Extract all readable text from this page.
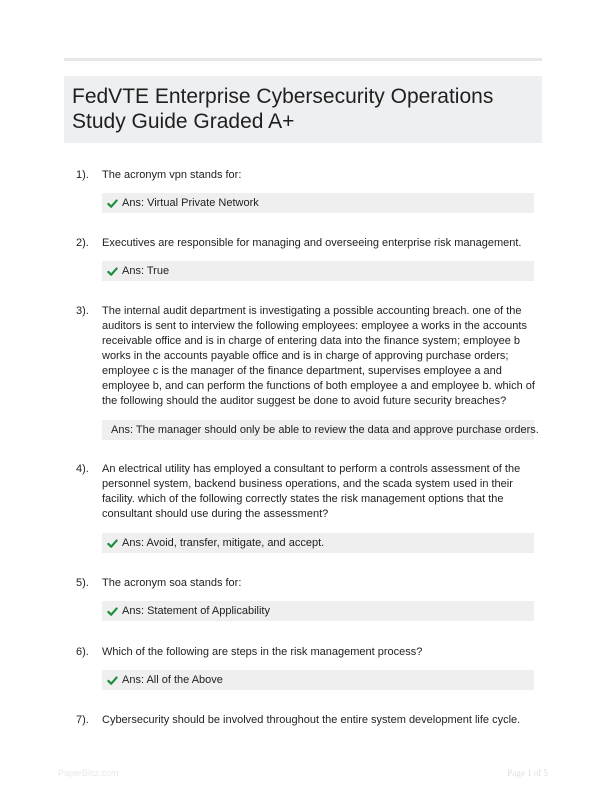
FedVTE Enterprise Cybersecurity Operations Study Guide Graded A+
1). The acronym vpn stands for:
Ans: Virtual Private Network
2). Executives are responsible for managing and overseeing enterprise risk management.
Ans: True
3). The internal audit department is investigating a possible accounting breach. one of the auditors is sent to interview the following employees: employee a works in the accounts receivable office and is in charge of entering data into the finance system; employee b works in the accounts payable office and is in charge of approving purchase orders; employee c is the manager of the finance department, supervises employee a and employee b, and can perform the functions of both employee a and employee b. which of the following should the auditor suggest be done to avoid future security breaches?
Ans: The manager should only be able to review the data and approve purchase orders.
4). An electrical utility has employed a consultant to perform a controls assessment of the personnel system, backend business operations, and the scada system used in their facility. which of the following correctly states the risk management options that the consultant should use during the assessment?
Ans: Avoid, transfer, mitigate, and accept.
5). The acronym soa stands for:
Ans: Statement of Applicability
6). Which of the following are steps in the risk management process?
Ans: All of the Above
7). Cybersecurity should be involved throughout the entire system development life cycle.
PaperBlitz.com	Page 1 of 5
